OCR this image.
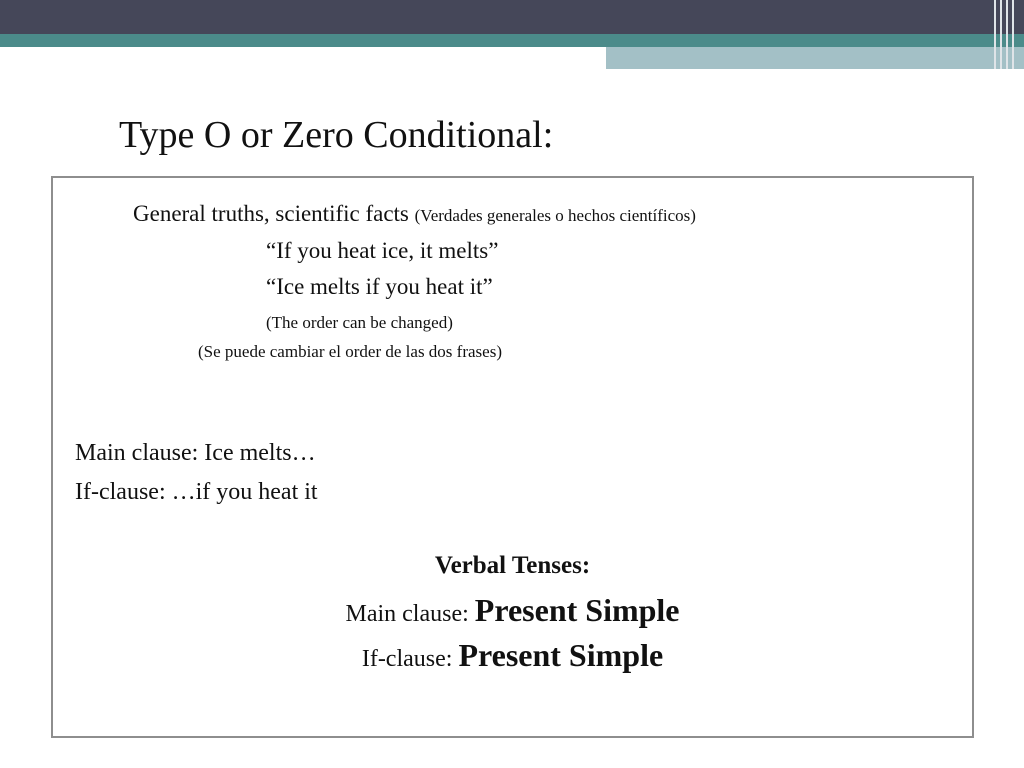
Type O or Zero Conditional:

General truths, scientific facts (Verdades generales o hechos científicos)

“If you heat ice, it melts”

“Ice melts if you heat it”

(The order can be changed)

(Se puede cambiar el order de las dos frases)

Main clause: Ice melts…

If-clause: …if you heat it

Verbal Tenses:

Main clause: Present Simple

If-clause: Present Simple
